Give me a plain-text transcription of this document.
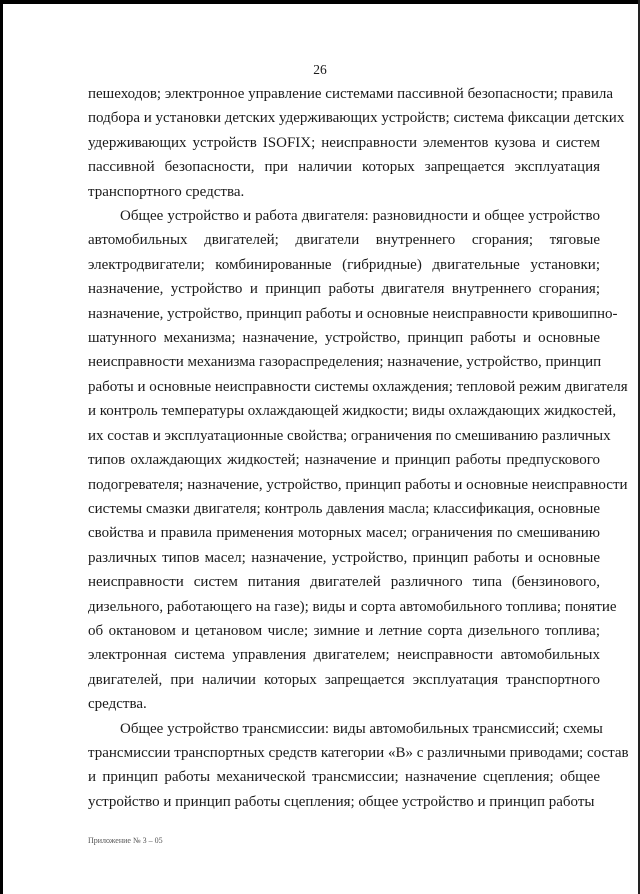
26
пешеходов; электронное управление системами пассивной безопасности; правила
подбора и установки детских удерживающих устройств; система фиксации детских
удерживающих устройств ISOFIX; неисправности элементов кузова и систем
пассивной безопасности, при наличии которых запрещается эксплуатация
транспортного средства.
Общее устройство и работа двигателя: разновидности и общее устройство
автомобильных двигателей; двигатели внутреннего сгорания; тяговые
электродвигатели; комбинированные (гибридные) двигательные установки;
назначение, устройство и принцип работы двигателя внутреннего сгорания;
назначение, устройство, принцип работы и основные неисправности кривошипно-
шатунного механизма; назначение, устройство, принцип работы и основные
неисправности механизма газораспределения; назначение, устройство, принцип
работы и основные неисправности системы охлаждения; тепловой режим двигателя
и контроль температуры охлаждающей жидкости; виды охлаждающих жидкостей,
их состав и эксплуатационные свойства; ограничения по смешиванию различных
типов охлаждающих жидкостей; назначение и принцип работы предпускового
подогревателя; назначение, устройство, принцип работы и основные неисправности
системы смазки двигателя; контроль давления масла; классификация, основные
свойства и правила применения моторных масел; ограничения по смешиванию
различных типов масел; назначение, устройство, принцип работы и основные
неисправности систем питания двигателей различного типа (бензинового,
дизельного, работающего на газе); виды и сорта автомобильного топлива; понятие
об октановом и цетановом числе; зимние и летние сорта дизельного топлива;
электронная система управления двигателем; неисправности автомобильных
двигателей, при наличии которых запрещается эксплуатация транспортного
средства.
Общее устройство трансмиссии: виды автомобильных трансмиссий; схемы
трансмиссии транспортных средств категории «B» с различными приводами; состав
и принцип работы механической трансмиссии; назначение сцепления; общее
устройство и принцип работы сцепления; общее устройство и принцип работы
Приложение № 3 – 05
